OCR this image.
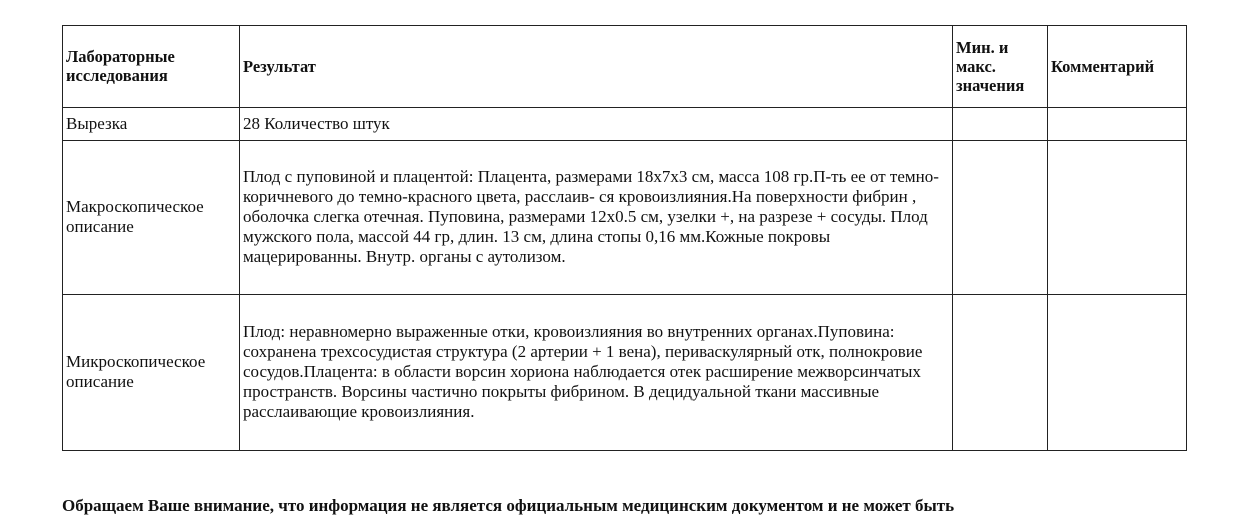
Лабораторные исследования	Результат	Мин. и макс. значения	Комментарий
Вырезка	28 Количество штук		
Макроскопическое описание	Плод с пуповиной и плацентой: Плацента, размерами 18х7х3 см, масса 108 гр.П-ть ее от темно-коричневого до темно-красного цвета, расслаив- ся кровоизлияния.На поверхности фибрин , оболочка слегка отечная. Пуповина, размерами 12х0.5 см, узелки +, на разрезе + сосуды. Плод мужского пола, массой 44 гр, длин. 13 см, длина стопы 0,16 мм.Кожные покровы мацерированны. Внутр. органы с аутолизом.		
Микроскопическое описание	Плод: неравномерно выраженные отки, кровоизлияния во внутренних органах.Пуповина: сохранена трехсосудистая структура (2 артерии + 1 вена), периваскулярный отк, полнокровие сосудов.Плацента: в области ворсин хориона наблюдается отек расширение межворсинчатых пространств. Ворсины частично покрыты фибрином. В децидуальной ткани массивные расслаивающие кровоизлияния.		
Обращаем Ваше внимание, что информация не является официальным медицинским документом и не может быть
